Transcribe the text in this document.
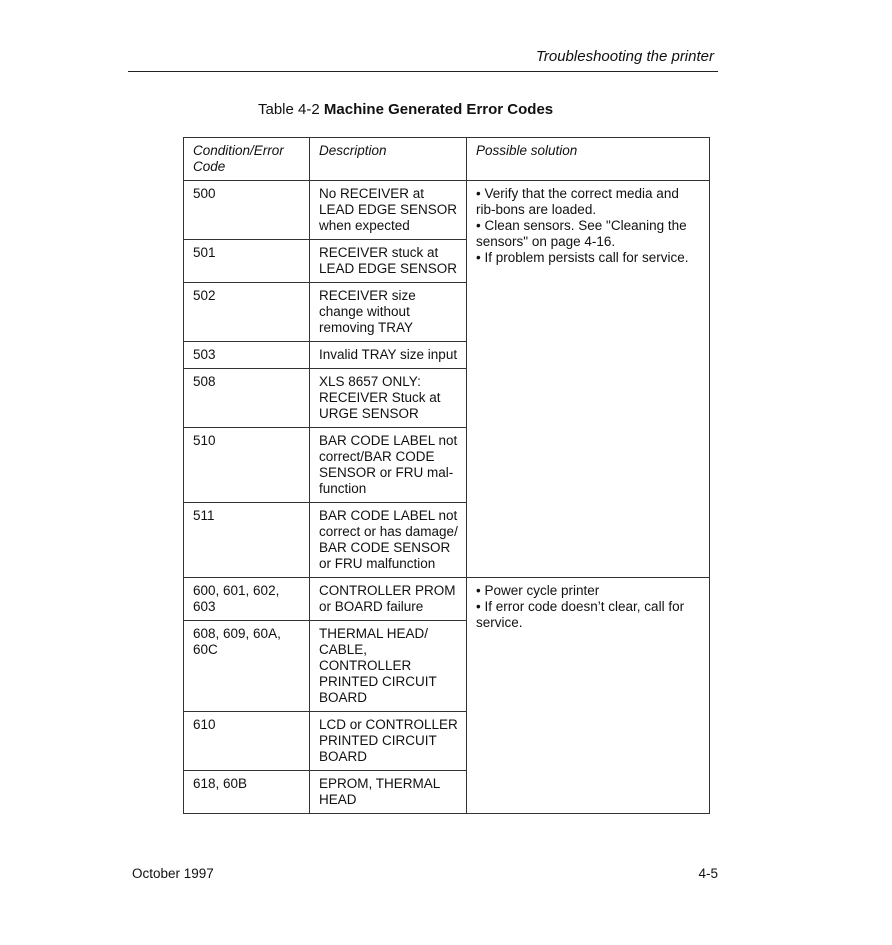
Troubleshooting the printer
Table 4-2 Machine Generated Error Codes
Condition/Error Code	Description	Possible solution
500	No RECEIVER at LEAD EDGE SENSOR when expected	• Verify that the correct media and rib-bons are loaded.
• Clean sensors. See "Cleaning the sensors" on page 4-16.
• If problem persists call for service.

501	RECEIVER stuck at LEAD EDGE SENSOR	
502	RECEIVER size change without removing TRAY	
503	Invalid TRAY size input	
508	XLS 8657 ONLY: RECEIVER Stuck at URGE SENSOR	
510	BAR CODE LABEL not correct/BAR CODE SENSOR or FRU mal-function	
511	BAR CODE LABEL not correct or has damage/ BAR CODE SENSOR or FRU malfunction	
600, 601, 602, 603	CONTROLLER PROM or BOARD failure	• Power cycle printer
• If error code doesn’t clear, call for service.

608, 609, 60A, 60C	THERMAL HEAD/ CABLE, CONTROLLER PRINTED CIRCUIT BOARD	
610	LCD or CONTROLLER PRINTED CIRCUIT BOARD	
618, 60B	EPROM, THERMAL HEAD	
October 1997	4-5
